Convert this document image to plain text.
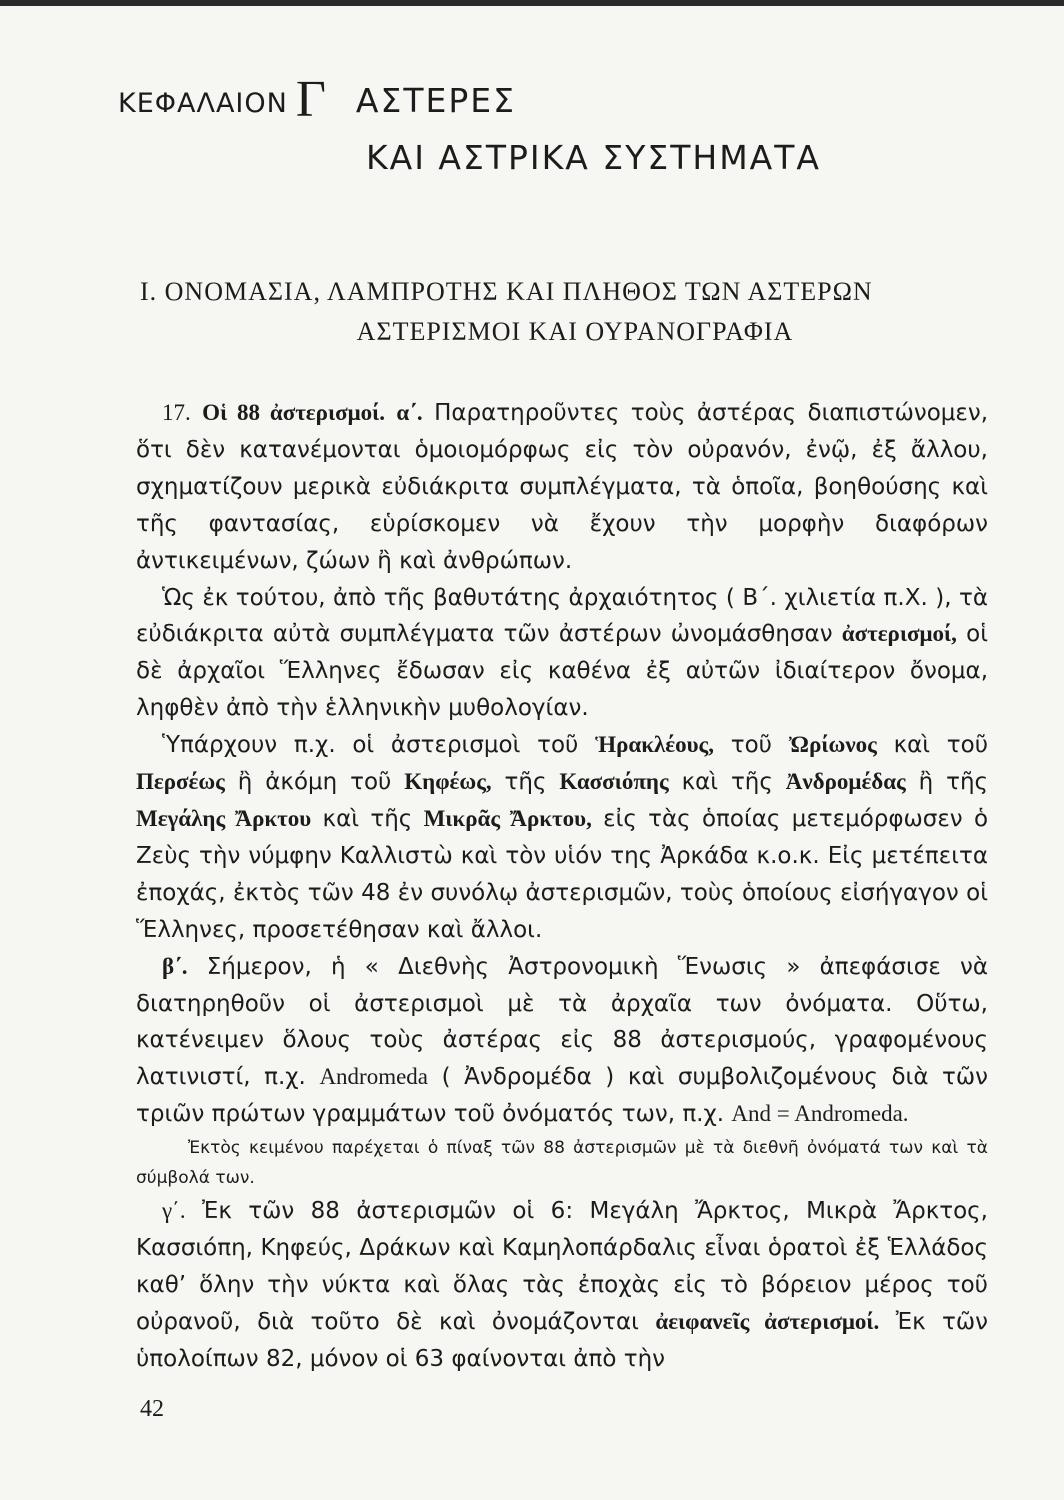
ΚΕΦΑΛΑΙΟΝ Γ ΑΣΤΕΡΕΣ
ΚΑΙ ΑΣΤΡΙΚΑ ΣΥΣΤΗΜΑΤΑ
I. ΟΝΟΜΑΣΙΑ, ΛΑΜΠΡΟΤΗΣ ΚΑΙ ΠΛΗΘΟΣ ΤΩΝ ΑΣΤΕΡΩΝ
ΑΣΤΕΡΙΣΜΟΙ ΚΑΙ ΟΥΡΑΝΟΓΡΑΦΙΑ

17. Οἱ 88 ἀστερισμοί. α΄. Παρατηροῦντες τοὺς ἀστέρας διαπιστώνομεν, ὅτι δὲν κατανέμονται ὁμοιομόρφως εἰς τὸν οὐρανόν, ἐνῷ, ἐξ ἄλλου, σχηματίζουν μερικὰ εὐδιάκριτα συμπλέγματα, τὰ ὁποῖα, βοηθούσης καὶ τῆς φαντασίας, εὑρίσκομεν νὰ ἔχουν τὴν μορφὴν διαφόρων ἀντικειμένων, ζώων ἢ καὶ ἀνθρώπων.

Ὡς ἐκ τούτου, ἀπὸ τῆς βαθυτάτης ἀρχαιότητος ( Β΄. χιλιετία π.Χ. ), τὰ εὐδιάκριτα αὐτὰ συμπλέγματα τῶν ἀστέρων ὠνομάσθησαν ἀστερισμοί, οἱ δὲ ἀρχαῖοι Ἕλληνες ἔδωσαν εἰς καθένα ἐξ αὐτῶν ἰδιαίτερον ὄνομα, ληφθὲν ἀπὸ τὴν ἑλληνικὴν μυθολογίαν.

Ὑπάρχουν π.χ. οἱ ἀστερισμοὶ τοῦ Ἡρακλέους, τοῦ Ὠρίωνος καὶ τοῦ Περσέως ἢ ἀκόμη τοῦ Κηφέως, τῆς Κασσιόπης καὶ τῆς Ἀνδρομέδας ἢ τῆς Μεγάλης Ἄρκτου καὶ τῆς Μικρᾶς Ἄρκτου, εἰς τὰς ὁποίας μετεμόρφωσεν ὁ Ζεὺς τὴν νύμφην Καλλιστὼ καὶ τὸν υἱόν της Ἀρκάδα κ.ο.κ. Εἰς μετέπειτα ἐποχάς, ἐκτὸς τῶν 48 ἐν συνόλῳ ἀστερισμῶν, τοὺς ὁποίους εἰσήγαγον οἱ Ἕλληνες, προσετέθησαν καὶ ἄλλοι.

β΄. Σήμερον, ἡ « Διεθνὴς Ἀστρονομικὴ Ἕνωσις » ἀπεφάσισε νὰ διατηρηθοῦν οἱ ἀστερισμοὶ μὲ τὰ ἀρχαῖα των ὀνόματα. Οὕτω, κατένειμεν ὅλους τοὺς ἀστέρας εἰς 88 ἀστερισμούς, γραφομένους λατινιστί, π.χ. Andromeda ( Ἀνδρομέδα ) καὶ συμβολιζομένους διὰ τῶν τριῶν πρώτων γραμμάτων τοῦ ὀνόματός των, π.χ. And = Andromeda.

Ἐκτὸς κειμένου παρέχεται ὁ πίναξ τῶν 88 ἀστερισμῶν μὲ τὰ διεθνῆ ὀνόματά των καὶ τὰ σύμβολά των.

γ΄. Ἐκ τῶν 88 ἀστερισμῶν οἱ 6: Μεγάλη Ἄρκτος, Μικρὰ Ἄρκτος, Κασσιόπη, Κηφεύς, Δράκων καὶ Καμηλοπάρδαλις εἶναι ὁρατοὶ ἐξ Ἑλλάδος καθ’ ὅλην τὴν νύκτα καὶ ὅλας τὰς ἐποχὰς εἰς τὸ βόρειον μέρος τοῦ οὐρανοῦ, διὰ τοῦτο δὲ καὶ ὀνομάζονται ἀειφανεῖς ἀστερισμοί. Ἐκ τῶν ὑπολοίπων 82, μόνον οἱ 63 φαίνονται ἀπὸ τὴν

42
